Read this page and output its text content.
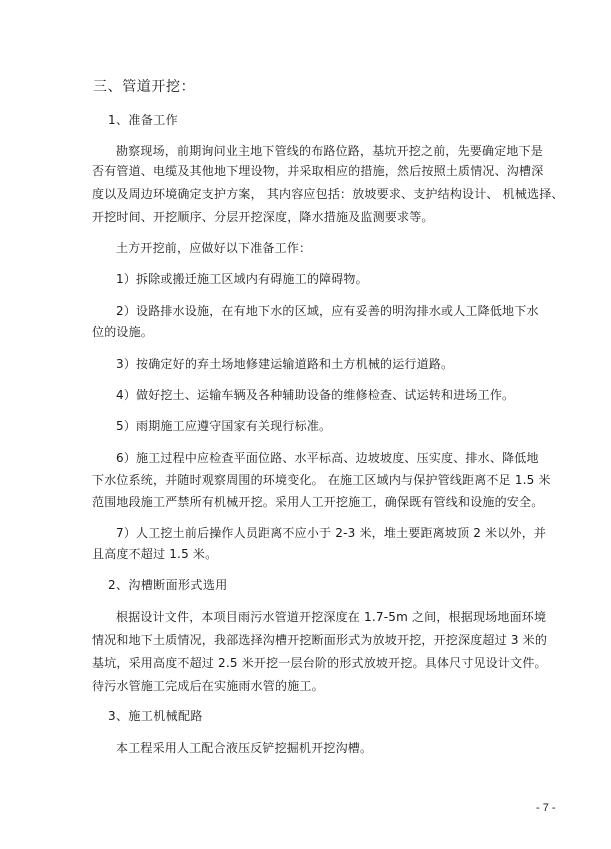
三、管道开挖：
1、准备工作
勘察现场，前期询问业主地下管线的布路位路，基坑开挖之前，先要确定地下是
否有管道、电缆及其他地下埋设物，并采取相应的措施，然后按照土质情况、沟槽深
度以及周边环境确定支护方案， 其内容应包括：放坡要求、支护结构设计、 机械选择、
开挖时间、开挖顺序、分层开挖深度，降水措施及监测要求等。
土方开挖前，应做好以下准备工作：
1）拆除或搬迁施工区域内有碍施工的障碍物。
2）设路排水设施，在有地下水的区域，应有妥善的明沟排水或人工降低地下水
位的设施。
3）按确定好的弃土场地修建运输道路和土方机械的运行道路。
4）做好挖土、运输车辆及各种辅助设备的维修检查、试运转和进场工作。
5）雨期施工应遵守国家有关现行标准。
6）施工过程中应检查平面位路、水平标高、边坡坡度、压实度、排水、降低地
下水位系统，并随时观察周围的环境变化。 在施工区域内与保护管线距离不足 1.5 米
范围地段施工严禁所有机械开挖。采用人工开挖施工，确保既有管线和设施的安全。
7）人工挖土前后操作人员距离不应小于 2-3 米，堆土要距离坡顶 2 米以外，并
且高度不超过 1.5 米。
2、沟槽断面形式选用
根据设计文件，本项目雨污水管道开挖深度在 1.7-5m 之间，根据现场地面环境
情况和地下土质情况，我部选择沟槽开挖断面形式为放坡开挖，开挖深度超过 3 米的
基坑，采用高度不超过 2.5 米开挖一层台阶的形式放坡开挖。具体尺寸见设计文件。
待污水管施工完成后在实施雨水管的施工。
3、施工机械配路
本工程采用人工配合液压反铲挖掘机开挖沟槽。
- 7 -
